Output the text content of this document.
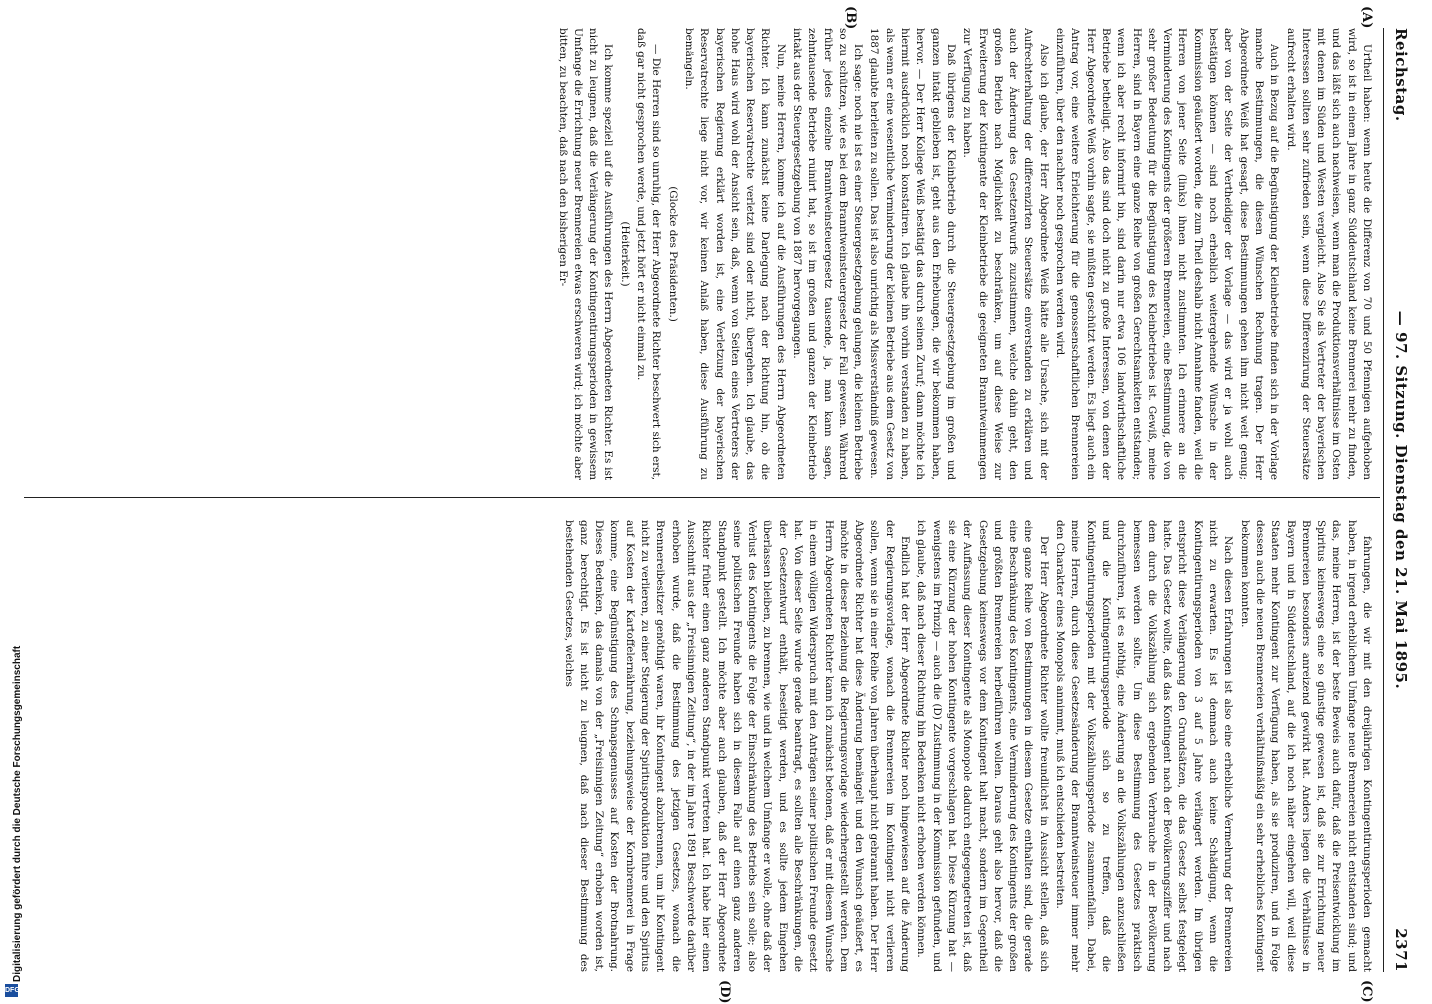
Reichstag.
— 97. Sitzung. Dienstag den 21. Mai 1895.
2371
(A)
(B)
(C)
(D)

Urtheil haben: wenn heute die Differenz von 70 und 50 Pfennigen aufgehoben wird, so ist in einem Jahre in ganz Süddeutschland keine Brennerei mehr zu finden, und das läßt sich auch nachweisen, wenn man die Produktionsverhältnisse im Osten mit denen im Süden und Westen vergleicht. Also Sie als Vertreter der bayerischen Interessen sollten sehr zufrieden sein, wenn diese Differenzirung der Steuersätze aufrecht erhalten wird.

Auch in Bezug auf die Begünstigung der Kleinbetriebe finden sich in der Vorlage manche Bestimmungen, die diesen Wünschen Rechnung tragen. Der Herr Abgeordnete Weiß hat gesagt, diese Bestimmungen gehen ihm nicht weit genug; aber von der Seite der Vertheidiger der Vorlage — das wird er ja wohl auch bestätigen können — sind noch erheblich weitergehende Wünsche in der Kommission geäußert worden, die zum Theil deshalb nicht Annahme fanden, weil die Herren von jener Seite (links) ihnen nicht zustimmten. Ich erinnere an die Verminderung des Kontingents der größeren Brennereien, eine Bestimmung, die von sehr großer Bedeutung für die Begünstigung des Kleinbetriebes ist. Gewiß, meine Herren, sind in Bayern eine ganze Reihe von großen Gerechtsamkeiten entstanden; wenn ich aber recht informirt bin, sind darin nur etwa 106 landwirthschaftliche Betriebe betheiligt. Also das sind doch nicht zu große Interessen, von denen der Herr Abgeordnete Weiß vorhin sagte, sie müßten geschützt werden. Es liegt auch ein Antrag vor, eine weitere Erleichterung für die genossenschaftlichen Brennereien einzuführen, über den nachher noch gesprochen werden wird.

Also ich glaube, der Herr Abgeordnete Weiß hätte alle Ursache, sich mit der Aufrechterhaltung der differenzirten Steuersätze einverstanden zu erklären und auch der Änderung des Gesetzentwurfs zuzustimmen, welche dahin geht, den großen Betrieb nach Möglichkeit zu beschränken, um auf diese Weise zur Erweiterung der Kontingente der Kleinbetriebe die geeigneten Branntweinmengen zur Verfügung zu haben.

Daß übrigens der Kleinbetrieb durch die Steuergesetzgebung im großen und ganzen intakt geblieben ist, geht aus den Erhebungen, die wir bekommen haben, hervor. — Der Herr Kollege Weiß bestätigt das durch seinen Zuruf; dann möchte ich hiermit ausdrücklich noch konstatiren. Ich glaube ihn vorhin verstanden zu haben, als wenn er eine wesentliche Verminderung der kleinen Betriebe aus dem Gesetz von 1887 glaubte herleiten zu sollen. Das ist also unrichtig als Missverständniß gewesen.

Ich sage: noch nie ist es einer Steuergesetzgebung gelungen, die kleinen Betriebe so zu schützen, wie es bei dem Branntweinsteuergesetz der Fall gewesen. Während früher jedes einzelne Branntweinsteuergesetz tausende, ja, man kann sagen, zehntausende Betriebe ruinirt hat, so ist im großen und ganzen der Kleinbetrieb intakt aus der Steuergesetzgebung von 1887 hervorgegangen.

Nun, meine Herren, komme ich auf die Ausführungen des Herrn Abgeordneten Richter. Ich kann zunächst keine Darlegung nach der Richtung hin, ob die bayerischen Reservatrechte verletzt sind oder nicht, übergehen. Ich glaube, das hohe Haus wird wohl der Ansicht sein, daß, wenn von Seiten eines Vertreters der bayerischen Regierung erklärt worden ist, eine Verletzung der bayerischen Reservatrechte liege nicht vor, wir keinen Anlaß haben, diese Ausführung zu bemängeln.

(Glocke des Präsidenten.)

— Die Herren sind so unruhig, der Herr Abgeordnete Richter beschwert sich erst, daß gar nicht gesprochen werde, und jetzt hört er nicht einmal zu.

(Heiterkeit.)

Ich komme speziell auf die Ausführungen des Herrn Abgeordneten Richter. Es ist nicht zu leugnen, daß die Verlängerung der Kontingentirungsperioden in gewissem Umfange die Errichtung neuer Brennereien etwas erschweren wird; ich möchte aber bitten, zu beachten, daß nach den bisherigen Er-

fahrungen, die wir mit den dreijährigen Kontingentirungsperioden gemacht haben, in irgend erheblichem Umfange neue Brennereien nicht entstanden sind; und das, meine Herren, ist der beste Beweis auch dafür, daß die Preisentwicklung im Spiritus keineswegs eine so günstige gewesen ist, daß sie zur Errichtung neuer Brennereien besonders anreizend gewirkt hat. Anders liegen die Verhältnisse in Bayern und in Süddeutschland, auf die ich noch näher eingehen will, weil diese Staaten mehr Kontingent zur Verfügung haben, als sie produziren, und in Folge dessen auch die neuen Brennereien verhältnißmäßig ein sehr erhebliches Kontingent bekommen konnten.

Nach diesen Erfahrungen ist also eine erhebliche Vermehrung der Brennereien nicht zu erwarten. Es ist demnach auch keine Schädigung, wenn die Kontingentirungsperioden von 3 auf 5 Jahre verlängert werden. Im übrigen entspricht diese Verlängerung den Grundsätzen, die das Gesetz selbst festgelegt hatte. Das Gesetz wollte, daß das Kontingent nach der Bevölkerungsziffer und nach dem durch die Volkszählung sich ergebenden Verbrauche in der Bevölkerung bemessen werden sollte. Um diese Bestimmung des Gesetzes praktisch durchzuführen, ist es nöthig, eine Änderung an die Volkszählungen anzuschließen und die Kontingentirungsperiode sich so zu treffen, daß die Kontingentirungsperioden mit der Volkszählungsperiode zusammenfallen. Dabei, meine Herren, durch diese Gesetzesänderung der Branntweinsteuer immer mehr den Charakter eines Monopols annimmt, muß ich entschieden bestreiten.

Der Herr Abgeordnete Richter wollte freundlichst in Aussicht stellen, daß sich eine ganze Reihe von Bestimmungen in diesem Gesetze enthalten sind, die gerade eine Beschränkung des Kontingents, eine Verminderung des Kontingents der großen und größten Brennereien herbeiführen wollen. Daraus geht also hervor, daß die Gesetzgebung keineswegs vor dem Kontingent halt macht, sondern im Gegentheil der Auffassung dieser Kontingente als Monopole dadurch entgegengetreten ist, daß sie eine Kürzung der hohen Kontingente vorgeschlagen hat. Diese Kürzung hat — wenigstens im Prinzip — auch die (D) Zustimmung in der Kommission gefunden, und ich glaube, daß nach dieser Richtung hin Bedenken nicht erhoben werden können.

Endlich hat der Herr Abgeordnete Richter noch hingewiesen auf die Änderung der Regierungsvorlage, wonach die Brennereien im Kontingent nicht verlieren sollen, wenn sie in einer Reihe von Jahren überhaupt nicht gebrannt haben. Der Herr Abgeordnete Richter hat diese Änderung bemängelt und den Wunsch geäußert, es möchte in dieser Beziehung die Regierungsvorlage wiederhergestellt werden. Dem Herrn Abgeordneten Richter kann ich zunächst betonen, daß er mit diesem Wunsche in einem völligen Widerspruch mit den Anträgen seiner politischen Freunde gesetzt hat. Von dieser Seite wurde gerade beantragt, es sollten alle Beschränkungen, die der Gesetzentwurf enthält, beseitigt werden, und es sollte jedem Eingehen überlassen bleiben, zu brennen, wie und in welchem Umfange er wolle, ohne daß der Verlust des Kontingents die Folge der Einschränkung des Betriebs sein solle; also seine politischen Freunde haben sich in diesem Falle auf einen ganz anderen Standpunkt gestellt. Ich möchte aber auch glauben, daß der Herr Abgeordnete Richter früher einen ganz anderen Standpunkt vertreten hat. Ich habe hier einen Ausschnitt aus der „Freisinnigen Zeitung“, in der im Jahre 1891 Beschwerde darüber erhoben wurde, daß die Bestimmung des jetzigen Gesetzes, wonach die Brennereibesitzer genöthigt waren, ihr Kontingent abzubrennen, um ihr Kontingent nicht zu verlieren, zu einer Steigerung der Spiritusproduktion führe und den Spiritus auf Kosten der Kartoffelernährung, beziehungsweise der Kornbrennerei in Frage komme, eine Begünstigung des Schnapsgenusses auf Kosten der Brotnahrung. Dieses Bedenken, das damals von der „Freisinnigen Zeitung“ erhoben worden ist, ganz berechtigt. Es ist nicht zu leugnen, daß nach dieser Bestimmung des bestehenden Gesetzes, welches

Digitalisierung gefördert durch die Deutsche Forschungsgemeinschaft
DFG
